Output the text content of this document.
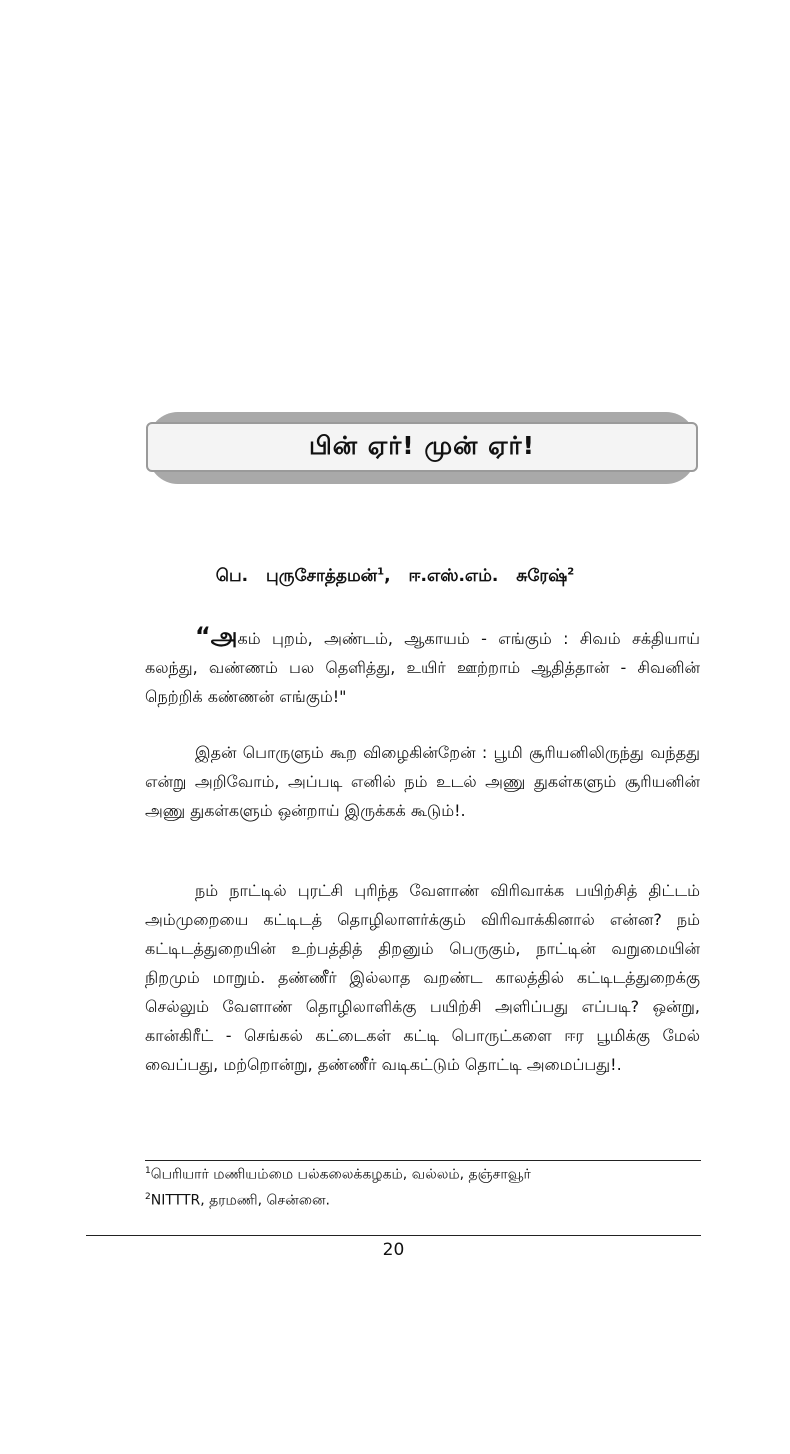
பின் ஏர்! முன் ஏர்!
பெ. புருசோத்தமன்$^1$, ஈ.எஸ்.எம். சுரேஷ்$^2$

“அகம் புறம், அண்டம், ஆகாயம் - எங்கும் : சிவம் சக்தியாய் கலந்து, வண்ணம் பல தெளித்து, உயிர் ஊற்றாம் ஆதித்தான் - சிவனின் நெற்றிக் கண்ணன் எங்கும்!"

இதன் பொருளும் கூற விழைகின்றேன் : பூமி சூரியனிலிருந்து வந்தது என்று அறிவோம், அப்படி எனில் நம் உடல் அணு துகள்களும் சூரியனின் அணு துகள்களும் ஒன்றாய் இருக்கக் கூடும்!.

நம் நாட்டில் புரட்சி புரிந்த வேளாண் விரிவாக்க பயிற்சித் திட்டம் அம்முறையை கட்டிடத் தொழிலாளர்க்கும் விரிவாக்கினால் என்ன? நம் கட்டிடத்துறையின் உற்பத்தித் திறனும் பெருகும், நாட்டின் வறுமையின் நிறமும் மாறும். தண்ணீர் இல்லாத வறண்ட காலத்தில் கட்டிடத்துறைக்கு செல்லும் வேளாண் தொழிலாளிக்கு பயிற்சி அளிப்பது எப்படி? ஒன்று, கான்கிரீட் - செங்கல் கட்டைகள் கட்டி பொருட்களை ஈர பூமிக்கு மேல் வைப்பது, மற்றொன்று, தண்ணீர் வடிகட்டும் தொட்டி அமைப்பது!.

$^1$பெரியார் மணியம்மை பல்கலைக்கழகம், வல்லம், தஞ்சாவூர்
$^2$NITTTR, தரமணி, சென்னை.
20
